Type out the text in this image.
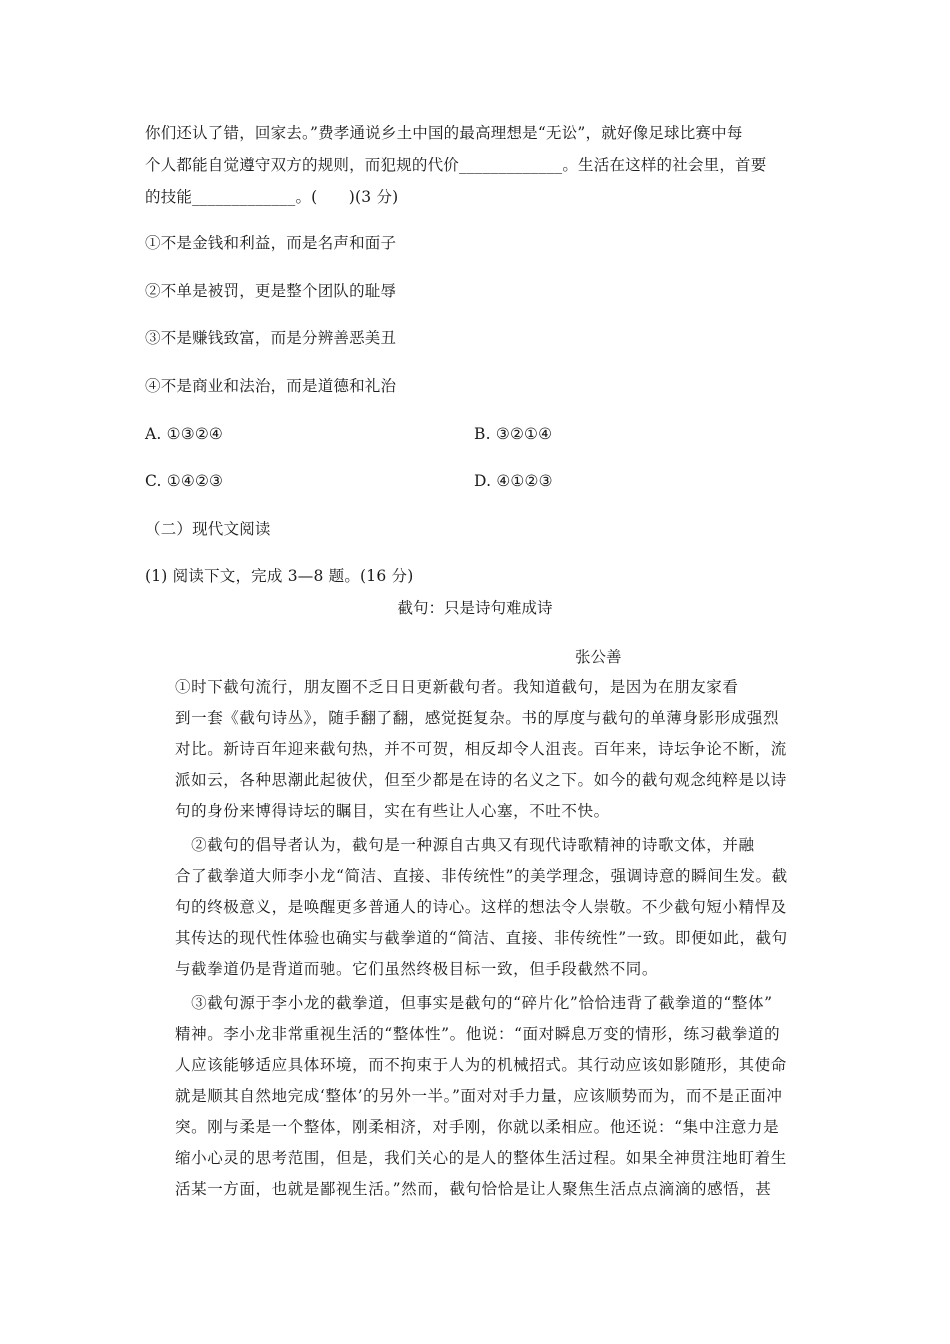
你们还认了错，回家去。”费孝通说乡土中国的最高理想是“无讼”，就好像足球比赛中每
个人都能自觉遵守双方的规则，而犯规的代价_____________。生活在这样的社会里，首要
的技能_____________。(　　)(3 分)
①不是金钱和利益，而是名声和面子
②不单是被罚，更是整个团队的耻辱
③不是赚钱致富，而是分辨善恶美丑
④不是商业和法治，而是道德和礼治
A. ①③②④	B. ③②①④
C. ①④②③	D. ④①②③
（二）现代文阅读
(1) 阅读下文，完成 3—8 题。(16 分)
截句：只是诗句难成诗
张公善
①时下截句流行，朋友圈不乏日日更新截句者。我知道截句，是因为在朋友家看
到一套《截句诗丛》，随手翻了翻，感觉挺复杂。书的厚度与截句的单薄身影形成强烈
对比。新诗百年迎来截句热，并不可贺，相反却令人沮丧。百年来，诗坛争论不断，流
派如云，各种思潮此起彼伏，但至少都是在诗的名义之下。如今的截句观念纯粹是以诗
句的身份来博得诗坛的瞩目，实在有些让人心塞，不吐不快。
　②截句的倡导者认为，截句是一种源自古典又有现代诗歌精神的诗歌文体，并融
合了截拳道大师李小龙“简洁、直接、非传统性”的美学理念，强调诗意的瞬间生发。截
句的终极意义，是唤醒更多普通人的诗心。这样的想法令人崇敬。不少截句短小精悍及
其传达的现代性体验也确实与截拳道的“简洁、直接、非传统性”一致。即便如此，截句
与截拳道仍是背道而驰。它们虽然终极目标一致，但手段截然不同。
　③截句源于李小龙的截拳道，但事实是截句的“碎片化”恰恰违背了截拳道的“整体”
精神。李小龙非常重视生活的“整体性”。他说：“面对瞬息万变的情形，练习截拳道的
人应该能够适应具体环境，而不拘束于人为的机械招式。其行动应该如影随形，其使命
就是顺其自然地完成‘整体’的另外一半。”面对对手力量，应该顺势而为，而不是正面冲
突。刚与柔是一个整体，刚柔相济，对手刚，你就以柔相应。他还说：“集中注意力是
缩小心灵的思考范围，但是，我们关心的是人的整体生活过程。如果全神贯注地盯着生
活某一方面，也就是鄙视生活。”然而，截句恰恰是让人聚焦生活点点滴滴的感悟，甚
